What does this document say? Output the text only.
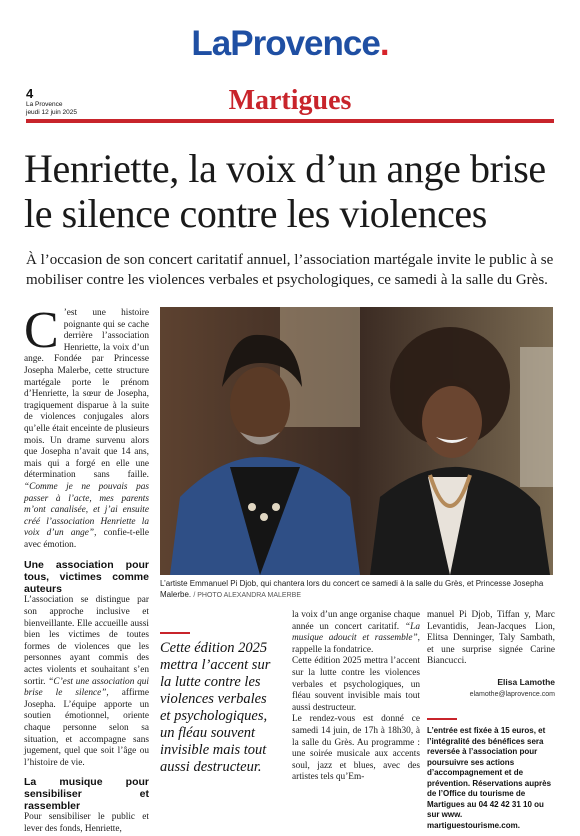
LaProvence.
4
La Provence
jeudi 12 juin 2025	Martigues
Henriette, la voix d’un ange brise le silence contre les violences
À l’occasion de son concert caritatif annuel, l’association martégale invite le public à se mobiliser contre les violences verbales et psychologiques, ce samedi à la salle du Grès.

C ’est une histoire poignante qui se cache derrière l’association Henriette, la voix d’un ange. Fondée par Princesse Josepha Malerbe, cette structure martégale porte le prénom d’Henriette, la sœur de Josepha, tragiquement disparue à la suite de violences conjugales alors qu’elle était enceinte de plusieurs mois. Un drame survenu alors que Josepha n’avait que 14 ans, mais qui a forgé en elle une détermination sans faille. “Comme je ne pouvais pas passer à l’acte, mes parents m’ont canalisée, et j’ai ensuite créé l’association Henriette la voix d’un ange”, confie-t-elle avec émotion.

Une association pour tous, victimes comme auteurs

L’association se distingue par son approche inclusive et bienveillante. Elle accueille aussi bien les victimes de toutes formes de violences que les personnes ayant commis des actes violents et souhaitant s’en sortir. “C’est une association qui brise le silence”, affirme Josepha. L’équipe apporte un soutien émotionnel, oriente chaque personne selon sa situation, et accompagne sans jugement, quel que soit l’âge ou l’histoire de vie.

La musique pour sensibiliser et rassembler

Pour sensibiliser le public et lever des fonds, Henriette,

L’artiste Emmanuel Pi Djob, qui chantera lors du concert ce samedi à la salle du Grès, et Princesse Josepha Malerbe. / PHOTO ALEXANDRA MALERBE
Cette édition 2025 mettra l’accent sur la lutte contre les violences verbales et psychologiques, un fléau souvent invisible mais tout aussi destructeur.

la voix d’un ange organise chaque année un concert caritatif. “La musique adoucit et rassemble”, rappelle la fondatrice.

Cette édition 2025 mettra l’accent sur la lutte contre les violences verbales et psychologiques, un fléau souvent invisible mais tout aussi destructeur.

Le rendez-vous est donné ce samedi 14 juin, de 17h à 18h30, à la salle du Grès. Au programme : une soirée musicale aux accents soul, jazz et blues, avec des artistes tels qu’Em-

manuel Pi Djob, Tiffan y, Marc Levantidis, Jean-Jacques Lion, Elitsa Denninger, Taly Sambath, et une surprise signée Carine Biancucci.

Elisa Lamothe
elamothe@laprovence.com
L’entrée est fixée à 15 euros, et l’intégralité des bénéfices sera reversée à l’association pour poursuivre ses actions d’accompagnement et de prévention. Réservations auprès de l’Office du tourisme de Martigues au 04 42 42 31 10 ou sur www. martiguestourisme.com.
